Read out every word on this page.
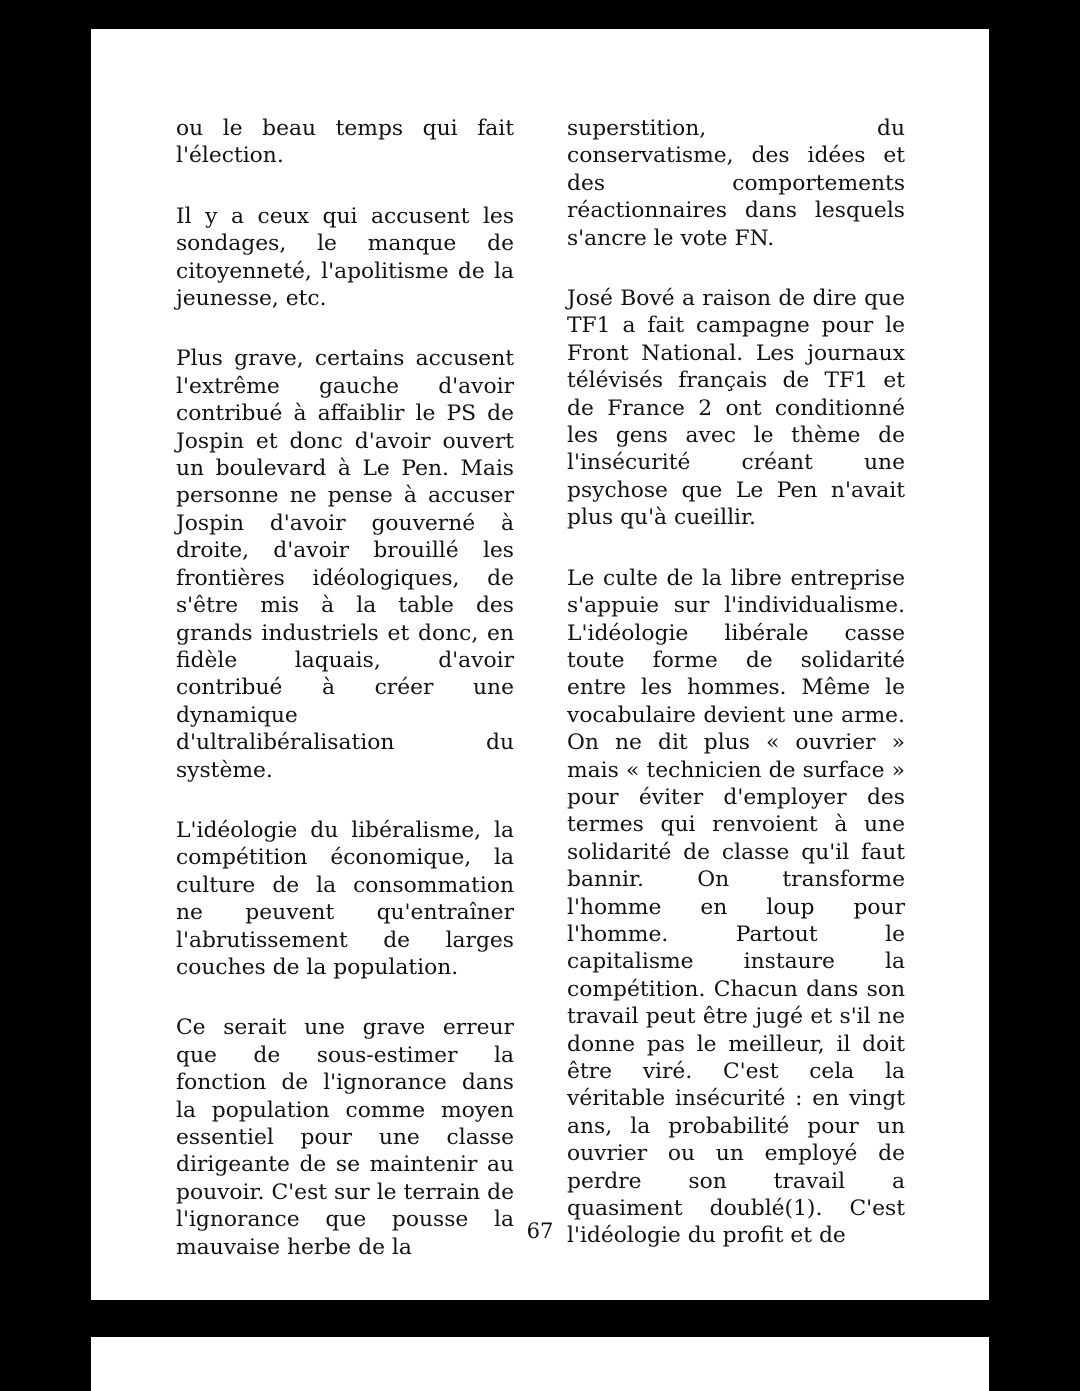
ou le beau temps qui fait l'élection.

Il y a ceux qui accusent les sondages, le manque de citoyenneté, l'apolitisme de la jeunesse, etc.

Plus grave, certains accusent l'extrême gauche d'avoir contribué à affaiblir le PS de Jospin et donc d'avoir ouvert un boulevard à Le Pen. Mais personne ne pense à accuser Jospin d'avoir gouverné à droite, d'avoir brouillé les frontières idéologiques, de s'être mis à la table des grands industriels et donc, en fidèle laquais, d'avoir contribué à créer une dynamique d'ultralibéralisation du système.

L'idéologie du libéralisme, la compétition économique, la culture de la consommation ne peuvent qu'entraîner l'abrutissement de larges couches de la population.

Ce serait une grave erreur que de sous-estimer la fonction de l'ignorance dans la population comme moyen essentiel pour une classe dirigeante de se maintenir au pouvoir. C'est sur le terrain de l'ignorance que pousse la mauvaise herbe de la

superstition, du conservatisme, des idées et des comportements réactionnaires dans lesquels s'ancre le vote FN.

José Bové a raison de dire que TF1 a fait campagne pour le Front National. Les journaux télévisés français de TF1 et de France 2 ont conditionné les gens avec le thème de l'insécurité créant une psychose que Le Pen n'avait plus qu'à cueillir.

Le culte de la libre entreprise s'appuie sur l'individualisme. L'idéologie libérale casse toute forme de solidarité entre les hommes. Même le vocabulaire devient une arme. On ne dit plus « ouvrier » mais « technicien de surface » pour éviter d'employer des termes qui renvoient à une solidarité de classe qu'il faut bannir. On transforme l'homme en loup pour l'homme. Partout le capitalisme instaure la compétition. Chacun dans son travail peut être jugé et s'il ne donne pas le meilleur, il doit être viré. C'est cela la véritable insécurité : en vingt ans, la probabilité pour un ouvrier ou un employé de perdre son travail a quasiment doublé(1). C'est l'idéologie du profit et de

67
